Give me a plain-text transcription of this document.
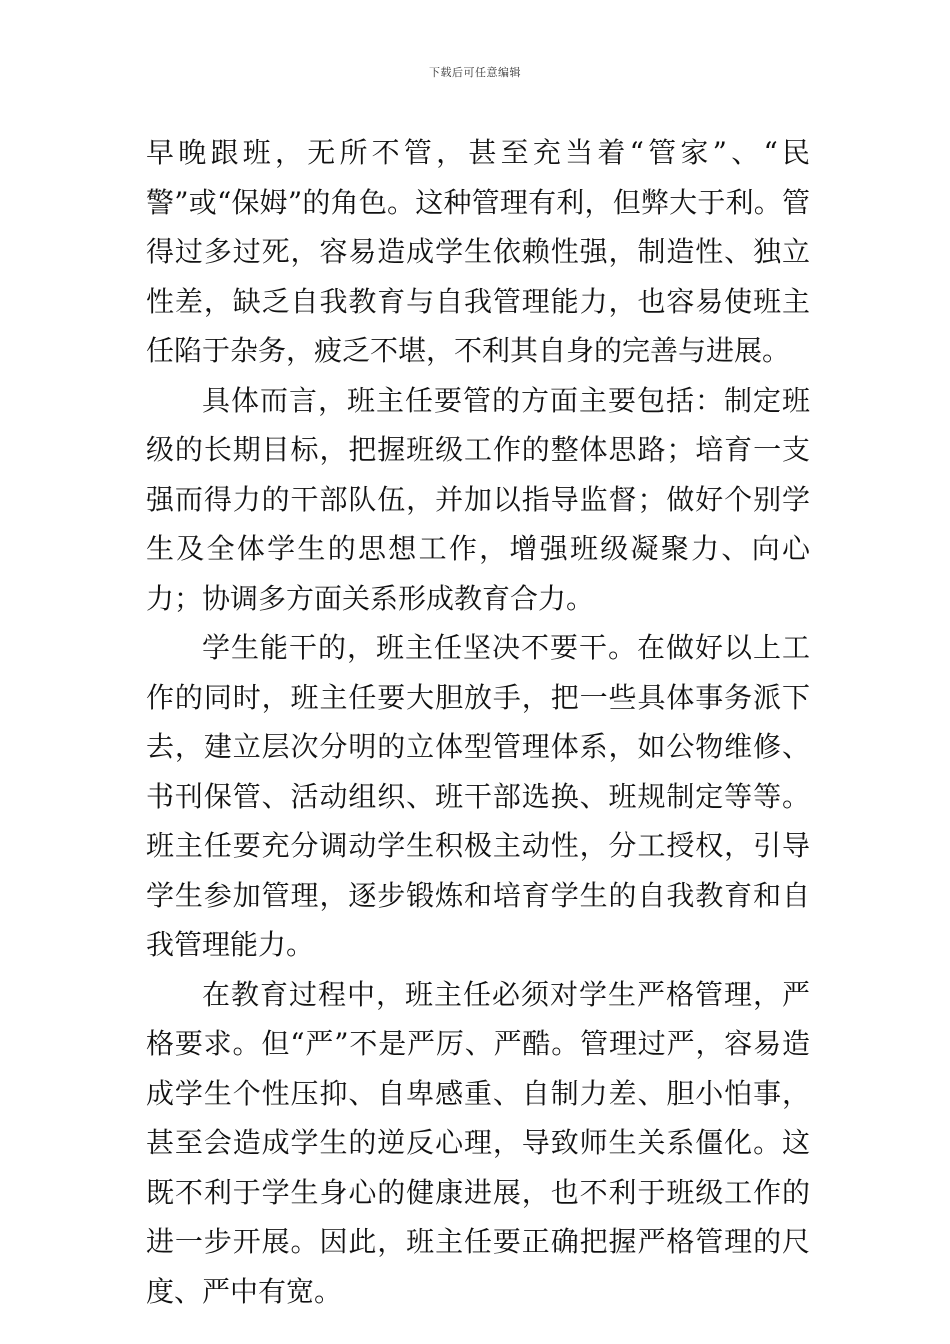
下载后可任意编辑

早晚跟班，无所不管，甚至充当着“管家”、“民警”或“保姆”的角色。这种管理有利，但弊大于利。管得过多过死，容易造成学生依赖性强，制造性、独立性差，缺乏自我教育与自我管理能力，也容易使班主任陷于杂务，疲乏不堪，不利其自身的完善与进展。

具体而言，班主任要管的方面主要包括：制定班级的长期目标，把握班级工作的整体思路；培育一支强而得力的干部队伍，并加以指导监督；做好个别学生及全体学生的思想工作，增强班级凝聚力、向心力；协调多方面关系形成教育合力。

学生能干的，班主任坚决不要干。在做好以上工作的同时，班主任要大胆放手，把一些具体事务派下去，建立层次分明的立体型管理体系，如公物维修、书刊保管、活动组织、班干部选换、班规制定等等。班主任要充分调动学生积极主动性，分工授权，引导学生参加管理，逐步锻炼和培育学生的自我教育和自我管理能力。

在教育过程中，班主任必须对学生严格管理，严格要求。但“严”不是严厉、严酷。管理过严，容易造成学生个性压抑、自卑感重、自制力差、胆小怕事，甚至会造成学生的逆反心理，导致师生关系僵化。这既不利于学生身心的健康进展，也不利于班级工作的进一步开展。因此，班主任要正确把握严格管理的尺度、严中有宽。
